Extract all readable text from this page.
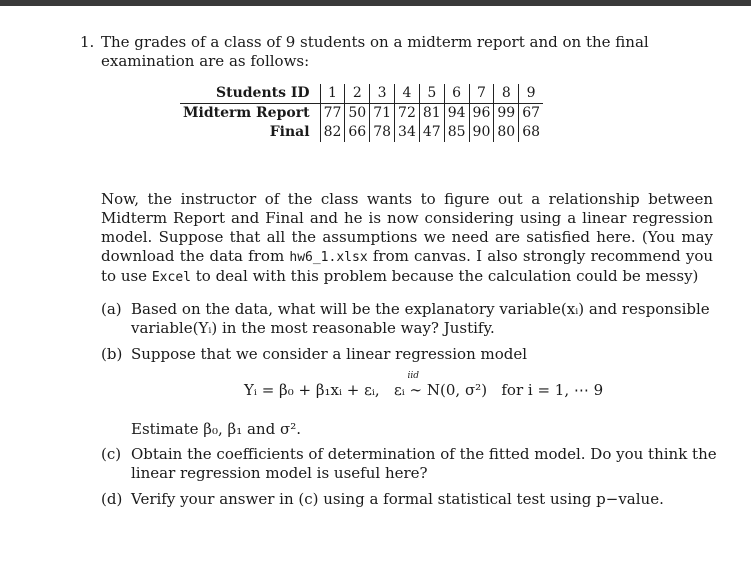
1. The grades of a class of 9 students on a midterm report and on the final examination are as follows:
Students ID	1	2	3	4	5	6	7	8	9
Midterm Report	77	50	71	72	81	94	96	99	67
Final	82	66	78	34	47	85	90	80	68
Now, the instructor of the class wants to figure out a relationship between Midterm Report and Final and he is now considering using a linear regression model. Suppose that all the assumptions we need are satisfied here. (You may download the data from hw6_1.xlsx from canvas. I also strongly recommend you to use Excel to deal with this problem because the calculation could be messy)
(a) Based on the data, what will be the explanatory variable(xᵢ) and responsible variable(Yᵢ) in the most reasonable way? Justify.
(b) Suppose that we consider a linear regression model
Yᵢ = β₀ + β₁xᵢ + εᵢ, εᵢ
iid
∼ N(0, σ²) for i = 1, ⋯ 9
Estimate β₀, β₁ and σ².
(c) Obtain the coefficients of determination of the fitted model. Do you think the linear regression model is useful here?
(d) Verify your answer in (c) using a formal statistical test using p−value.
